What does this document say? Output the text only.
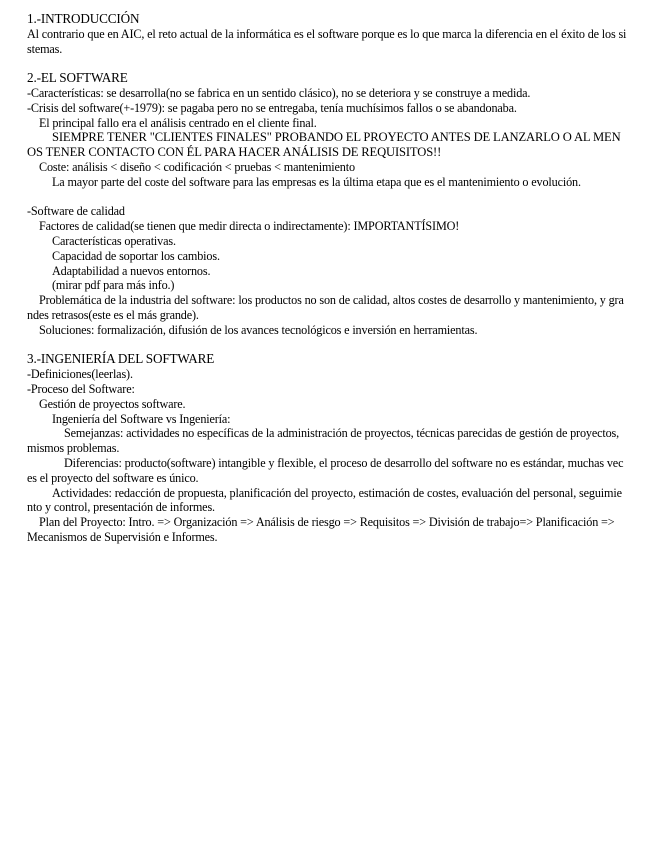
1.-INTRODUCCIÓN

Al contrario que en AIC, el reto actual de la informática es el software porque es lo que marca la diferencia en el éxito de los sistemas.

2.-EL SOFTWARE

-Características: se desarrolla(no se fabrica en un sentido clásico), no se deteriora y se construye a medida.

-Crisis del software(+-1979): se pagaba pero no se entregaba, tenía muchísimos fallos o se abandonaba.

El principal fallo era el análisis centrado en el cliente final.

SIEMPRE TENER "CLIENTES FINALES" PROBANDO EL PROYECTO ANTES DE LANZARLO O AL MENOS TENER CONTACTO CON ÉL PARA HACER ANÁLISIS DE REQUISITOS!!

Coste: análisis < diseño < codificación < pruebas < mantenimiento

La mayor parte del coste del software para las empresas es la última etapa que es el mantenimiento o evolución.

-Software de calidad

Factores de calidad(se tienen que medir directa o indirectamente): IMPORTANTÍSIMO!

Características operativas.

Capacidad de soportar los cambios.

Adaptabilidad a nuevos entornos.

(mirar pdf para más info.)

Problemática de la industria del software: los productos no son de calidad, altos costes de desarrollo y mantenimiento, y grandes retrasos(este es el más grande).

Soluciones: formalización, difusión de los avances tecnológicos e inversión en herramientas.

3.-INGENIERÍA DEL SOFTWARE

-Definiciones(leerlas).

-Proceso del Software:

Gestión de proyectos software.

Ingeniería del Software vs Ingeniería:

Semejanzas: actividades no específicas de la administración de proyectos, técnicas parecidas de gestión de proyectos, mismos problemas.

Diferencias: producto(software) intangible y flexible, el proceso de desarrollo del software no es estándar, muchas veces el proyecto del software es único.

Actividades: redacción de propuesta, planificación del proyecto, estimación de costes, evaluación del personal, seguimiento y control, presentación de informes.

Plan del Proyecto: Intro. => Organización => Análisis de riesgo => Requisitos => División de trabajo=> Planificación => Mecanismos de Supervisión e Informes.
